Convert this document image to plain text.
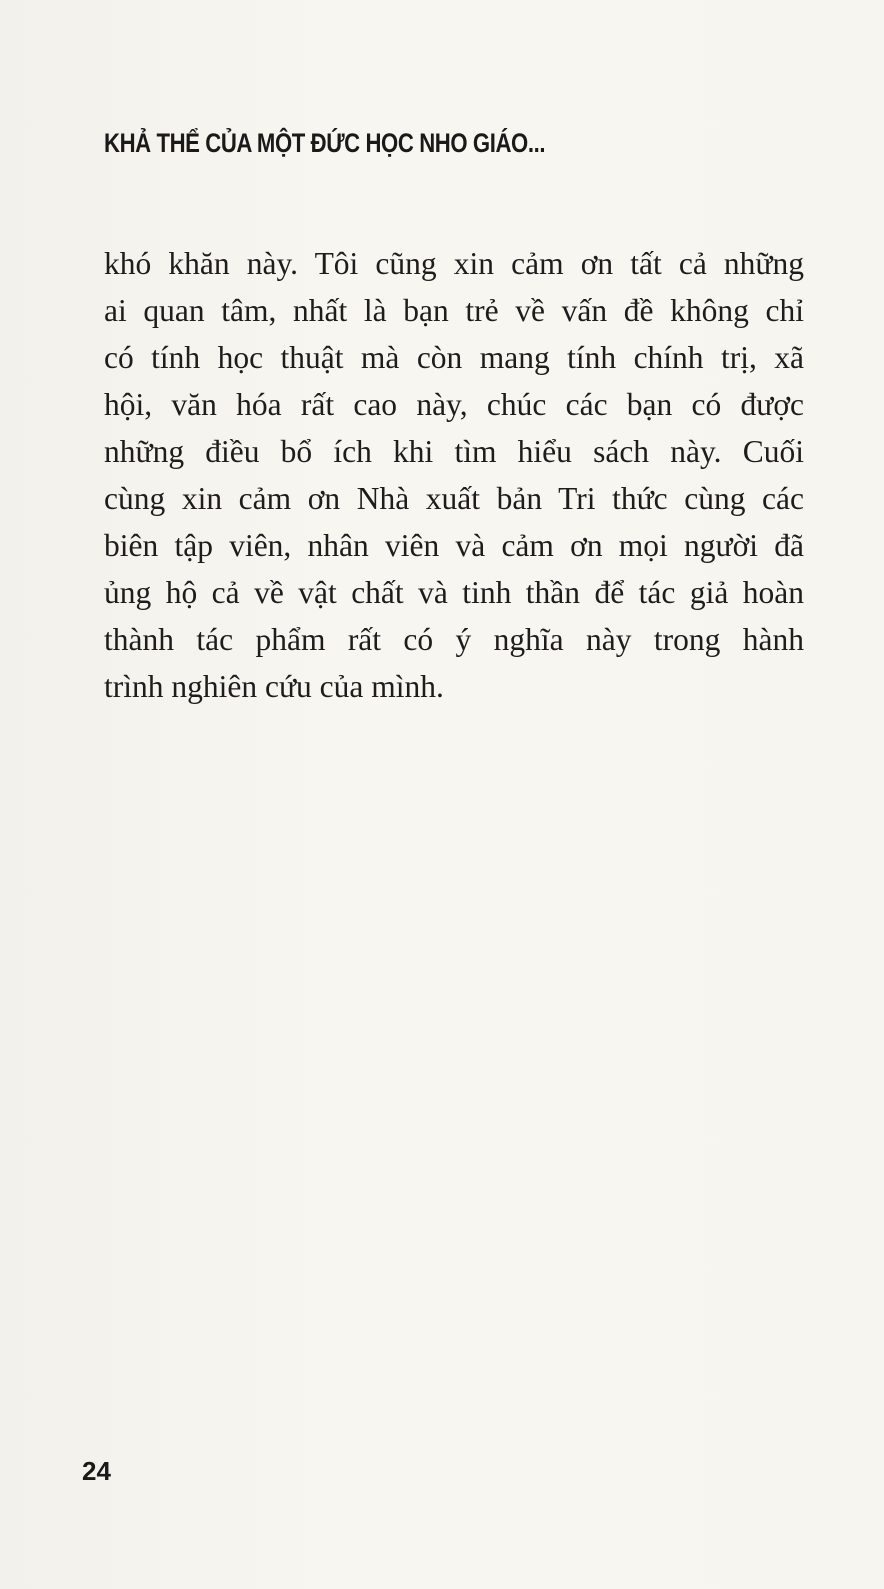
KHẢ THỂ CỦA MỘT ĐỨC HỌC NHO GIÁO...
khó khăn này. Tôi cũng xin cảm ơn tất cả những
ai quan tâm, nhất là bạn trẻ về vấn đề không chỉ
có tính học thuật mà còn mang tính chính trị, xã
hội, văn hóa rất cao này, chúc các bạn có được
những điều bổ ích khi tìm hiểu sách này. Cuối
cùng xin cảm ơn Nhà xuất bản Tri thức cùng các
biên tập viên, nhân viên và cảm ơn mọi người đã
ủng hộ cả về vật chất và tinh thần để tác giả hoàn
thành tác phẩm rất có ý nghĩa này trong hành
trình nghiên cứu của mình.
24
